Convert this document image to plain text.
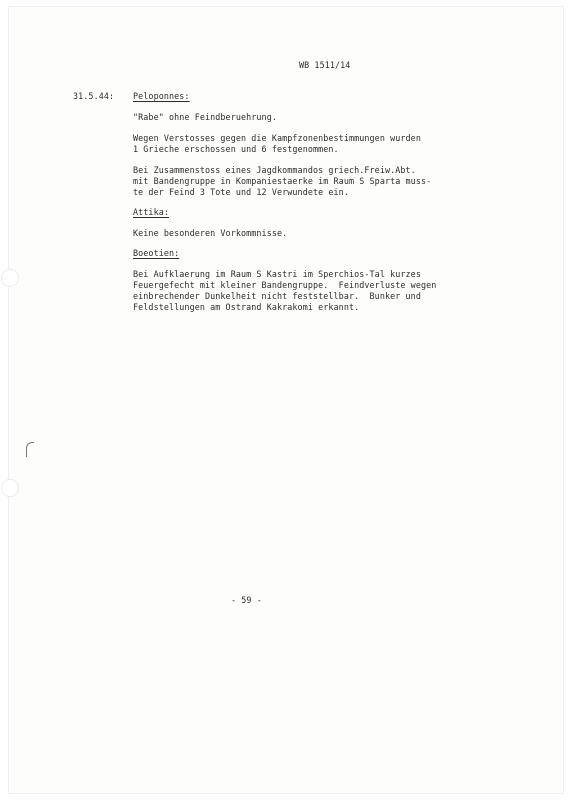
WB 1511/14
31.5.44: Peloponnes:
"Rabe" ohne Feindberuehrung.
Wegen Verstosses gegen die Kampfzonenbestimmungen wurden
1 Grieche erschossen und 6 festgenommen.
Bei Zusammenstoss eines Jagdkommandos griech.Freiw.Abt.
mit Bandengruppe in Kompaniestaerke im Raum S Sparta muss-
te der Feind 3 Tote und 12 Verwundete ein.
Attika:
Keine besonderen Vorkommnisse.
Boeotien:
Bei Aufklaerung im Raum S Kastri im Sperchios-Tal kurzes
Feuergefecht mit kleiner Bandengruppe.  Feindverluste wegen
einbrechender Dunkelheit nicht feststellbar.  Bunker und
Feldstellungen am Ostrand Kakrakomi erkannt.
- 59 -
